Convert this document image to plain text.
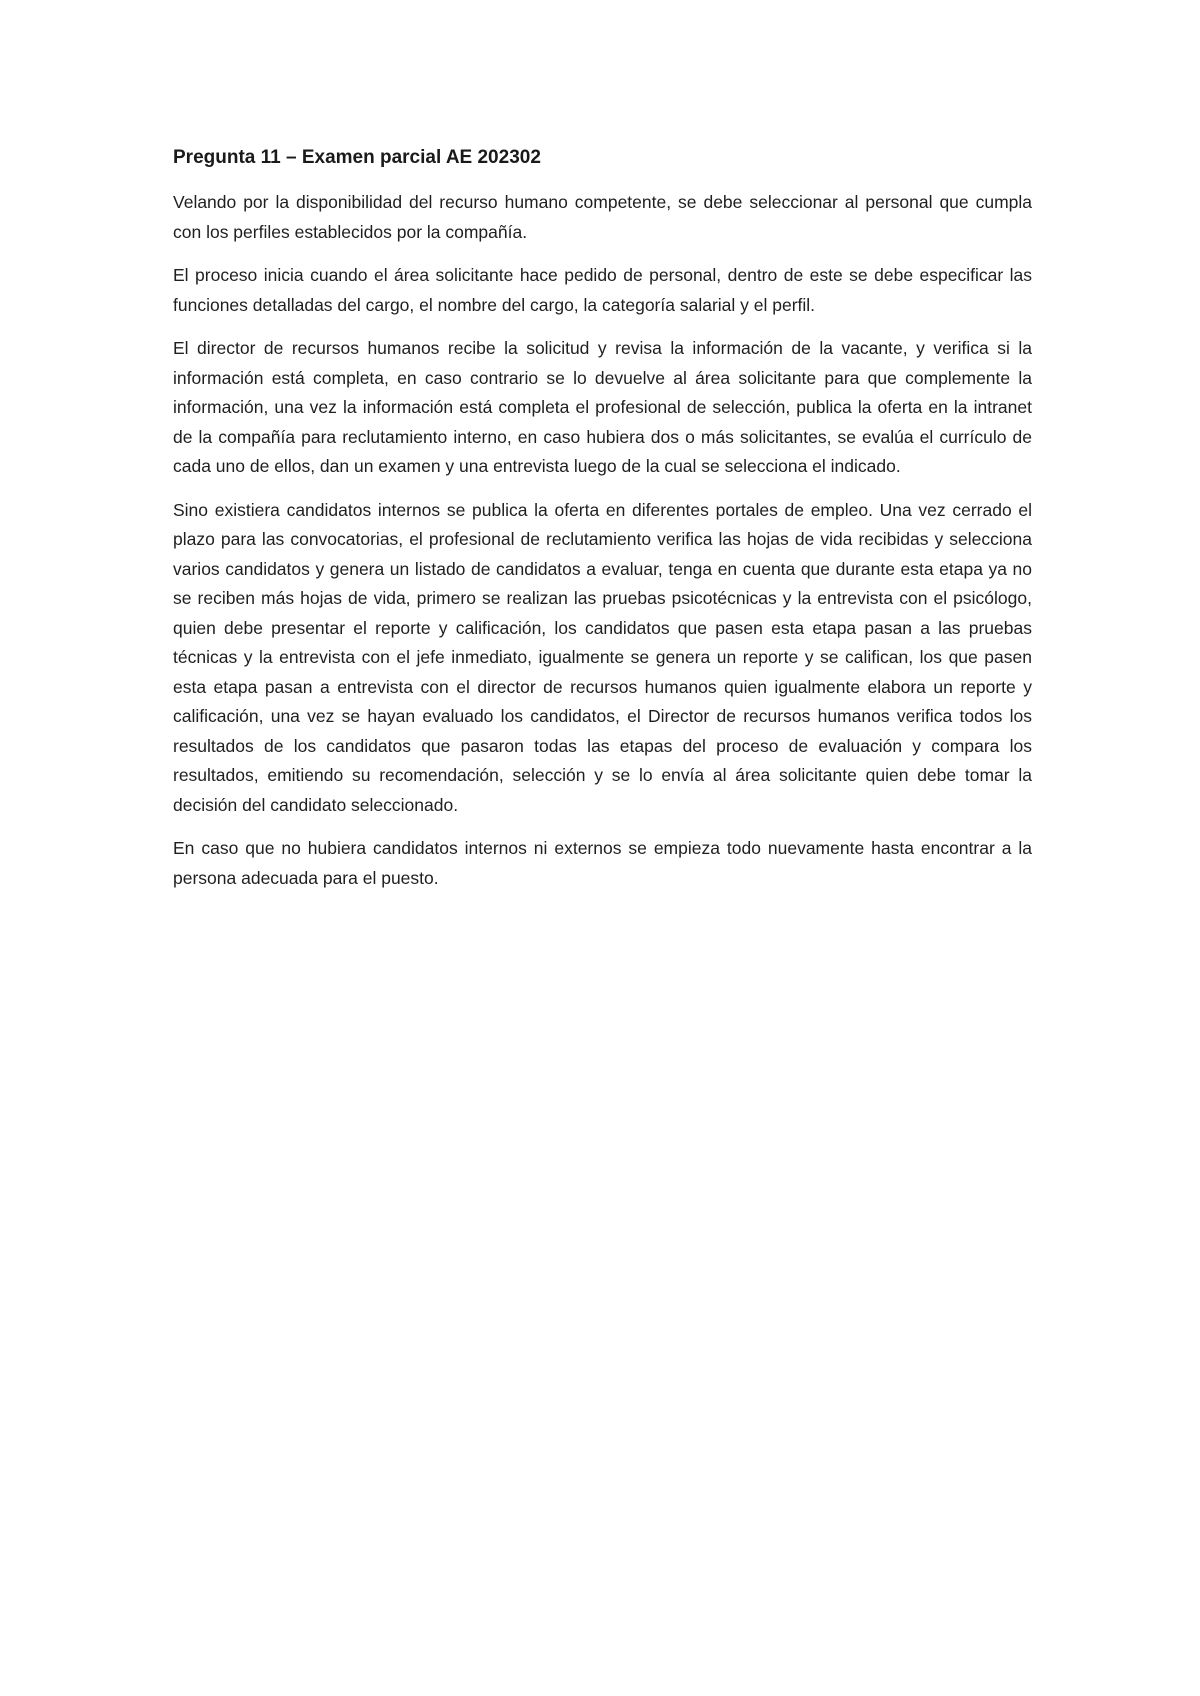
Pregunta 11 – Examen parcial AE 202302

Velando por la disponibilidad del recurso humano competente, se debe seleccionar al personal que cumpla con los perfiles establecidos por la compañía.

El proceso inicia cuando el área solicitante hace pedido de personal, dentro de este se debe especificar las funciones detalladas del cargo, el nombre del cargo, la categoría salarial y el perfil.

El director de recursos humanos recibe la solicitud y revisa la información de la vacante, y verifica si la información está completa, en caso contrario se lo devuelve al área solicitante para que complemente la información, una vez la información está completa el profesional de selección, publica la oferta en la intranet de la compañía para reclutamiento interno, en caso hubiera dos o más solicitantes, se evalúa el currículo de cada uno de ellos, dan un examen y una entrevista luego de la cual se selecciona el indicado.

Sino existiera candidatos internos se publica la oferta en diferentes portales de empleo. Una vez cerrado el plazo para las convocatorias, el profesional de reclutamiento verifica las hojas de vida recibidas y selecciona varios candidatos y genera un listado de candidatos a evaluar, tenga en cuenta que durante esta etapa ya no se reciben más hojas de vida, primero se realizan las pruebas psicotécnicas y la entrevista con el psicólogo, quien debe presentar el reporte y calificación, los candidatos que pasen esta etapa pasan a las pruebas técnicas y la entrevista con el jefe inmediato, igualmente se genera un reporte y se califican, los que pasen esta etapa pasan a entrevista con el director de recursos humanos quien igualmente elabora un reporte y calificación, una vez se hayan evaluado los candidatos, el Director de recursos humanos verifica todos los resultados de los candidatos que pasaron todas las etapas del proceso de evaluación y compara los resultados, emitiendo su recomendación, selección y se lo envía al área solicitante quien debe tomar la decisión del candidato seleccionado.

En caso que no hubiera candidatos internos ni externos se empieza todo nuevamente hasta encontrar a la persona adecuada para el puesto.
